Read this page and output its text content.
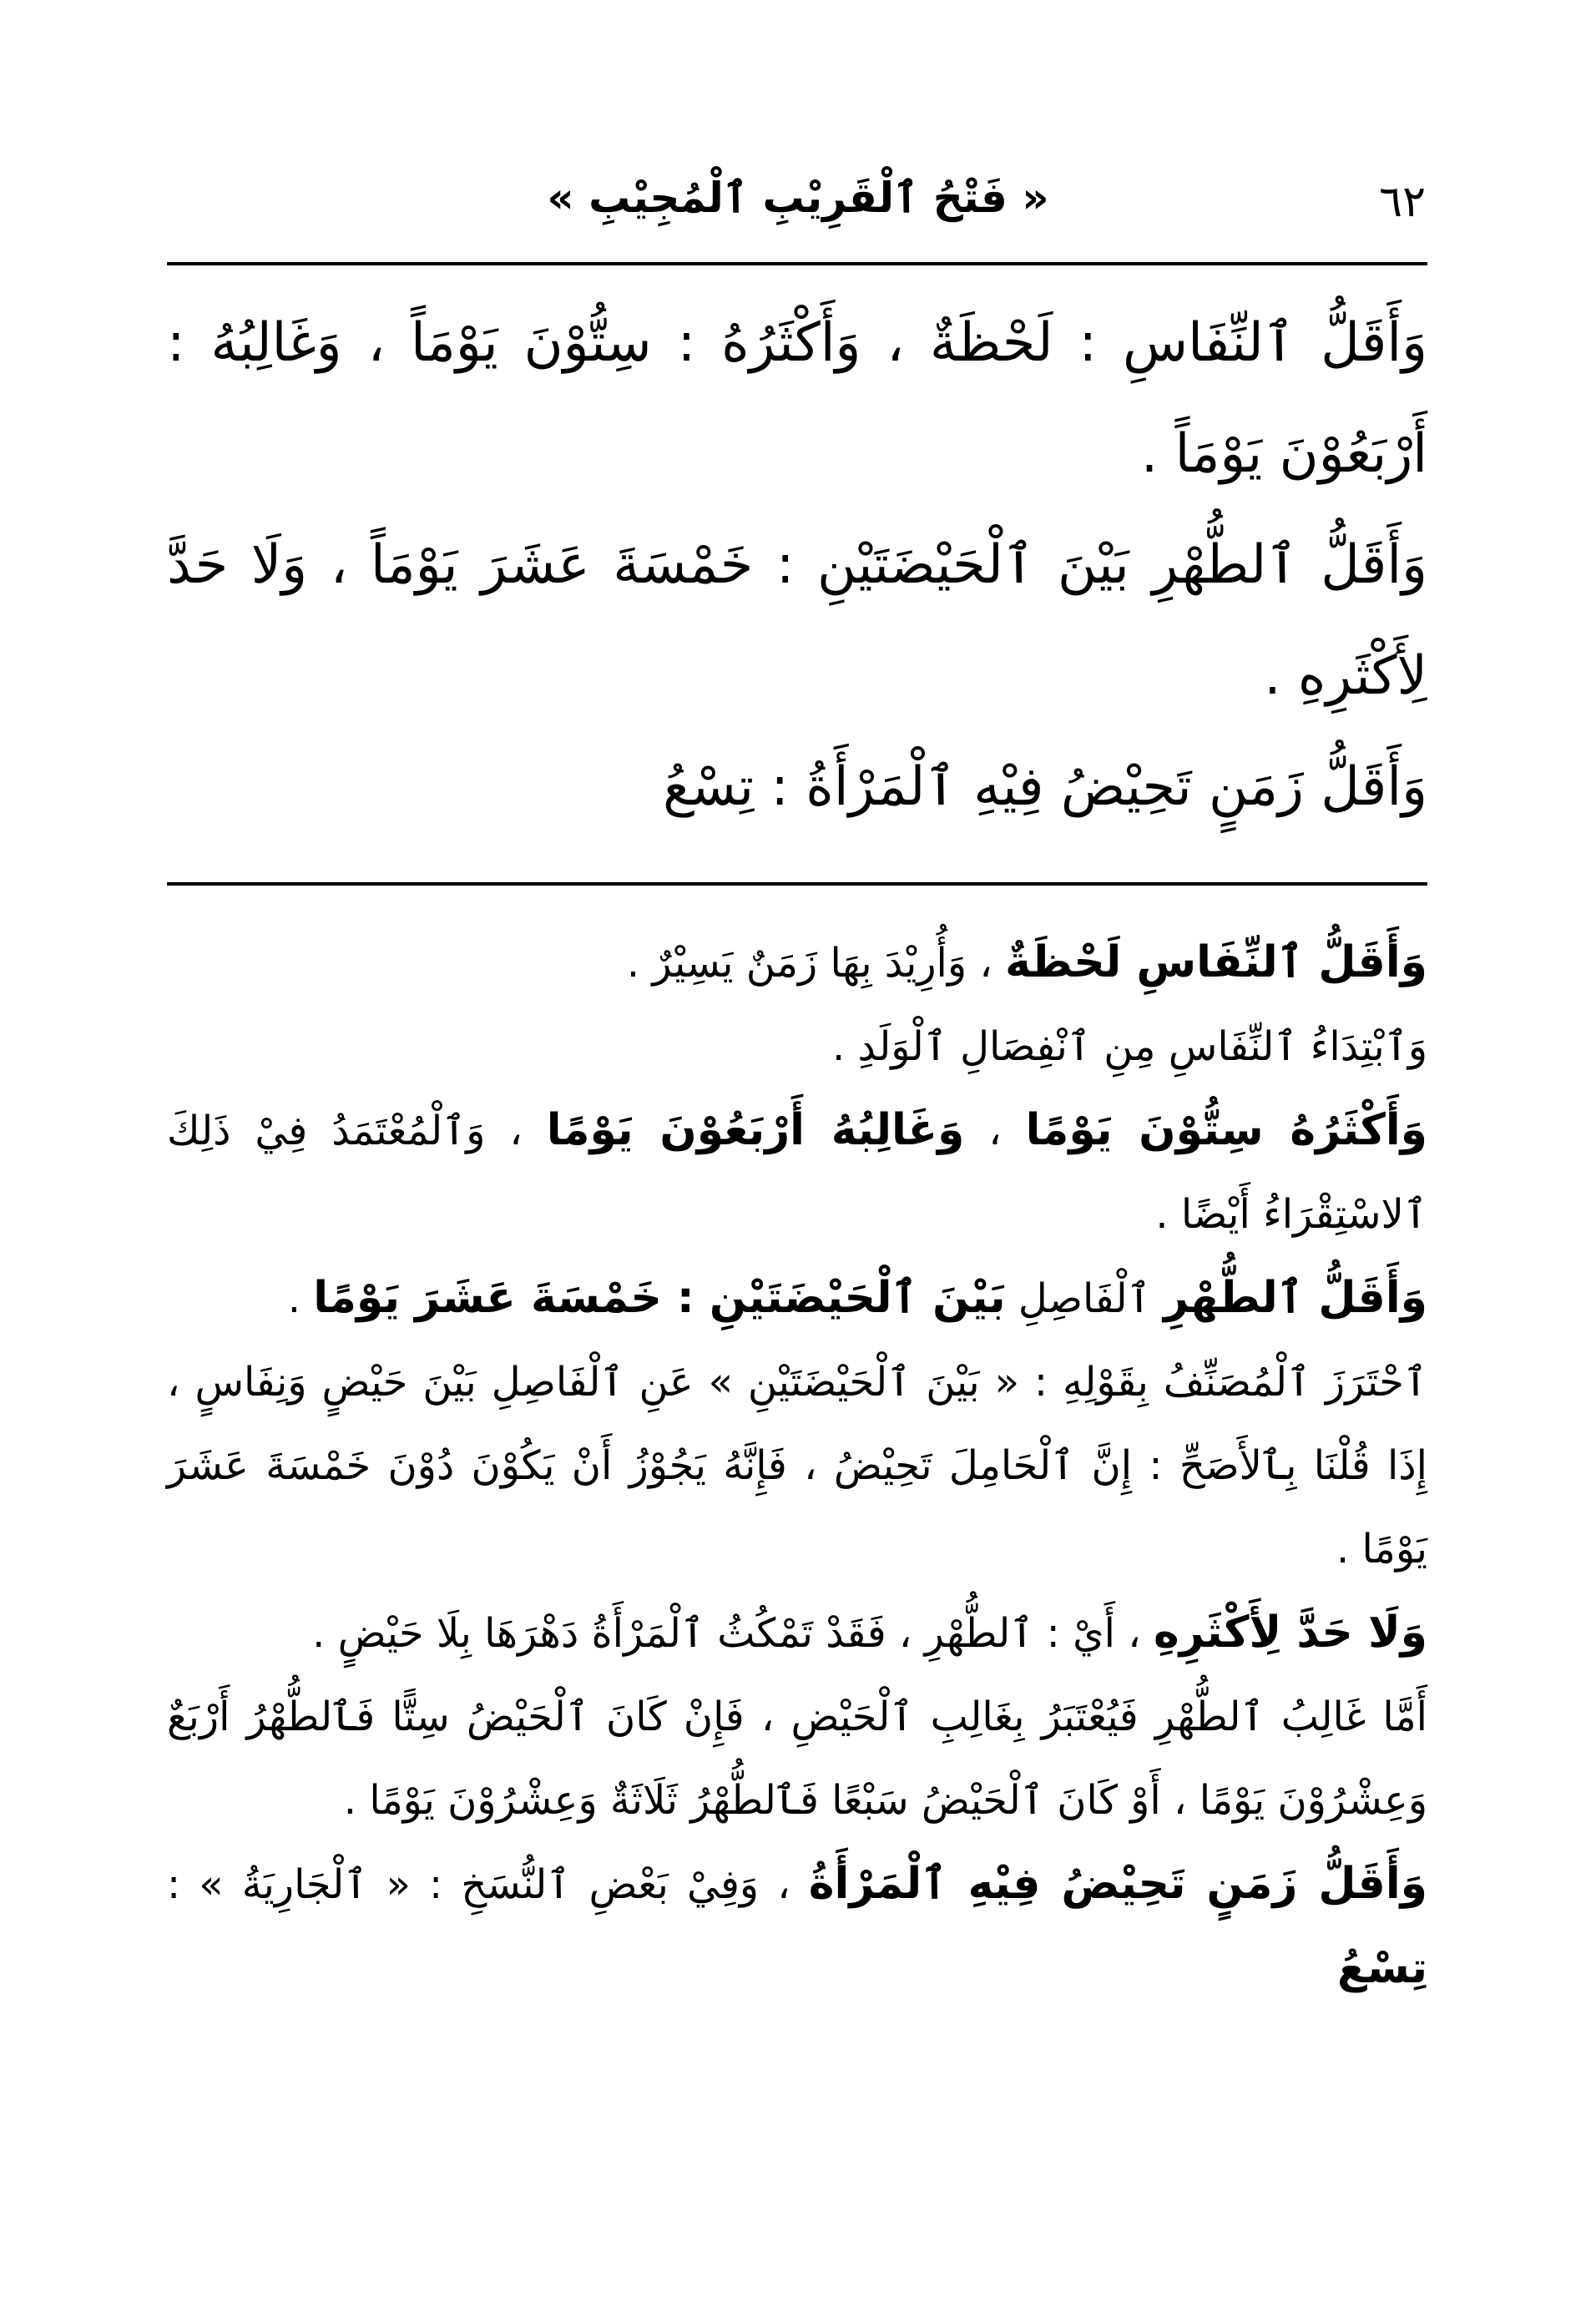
٦٢
« فَتْحُ ٱلْقَرِيْبِ ٱلْمُجِيْبِ »

وَأَقَلُّ ٱلنِّفَاسِ : لَحْظَةٌ ، وَأَكْثَرُهُ : سِتُّوْنَ يَوْمَاً ، وَغَالِبُهُ : أَرْبَعُوْنَ يَوْمَاً .

وَأَقَلُّ ٱلطُّهْرِ بَيْنَ ٱلْحَيْضَتَيْنِ : خَمْسَةَ عَشَرَ يَوْمَاً ، وَلَا حَدَّ لِأَكْثَرِهِ .

وَأَقَلُّ زَمَنٍ تَحِيْضُ فِيْهِ ٱلْمَرْأَةُ : تِسْعُ

وَأَقَلُّ ٱلنِّفَاسِ لَحْظَةٌ ، وَأُرِيْدَ بِهَا زَمَنٌ يَسِيْرٌ .

وَٱبْتِدَاءُ ٱلنِّفَاسِ مِنِ ٱنْفِصَالِ ٱلْوَلَدِ .

وَأَكْثَرُهُ سِتُّوْنَ يَوْمًا ، وَغَالِبُهُ أَرْبَعُوْنَ يَوْمًا ، وَٱلْمُعْتَمَدُ فِيْ ذَلِكَ ٱلاسْتِقْرَاءُ أَيْضًا .

وَأَقَلُّ ٱلطُّهْرِ ٱلْفَاصِلِ بَيْنَ ٱلْحَيْضَتَيْنِ : خَمْسَةَ عَشَرَ يَوْمًا .

ٱحْتَرَزَ ٱلْمُصَنِّفُ بِقَوْلِهِ : « بَيْنَ ٱلْحَيْضَتَيْنِ » عَنِ ٱلْفَاصِلِ بَيْنَ حَيْضٍ وَنِفَاسٍ ، إِذَا قُلْنَا بِٱلأَصَحِّ : إِنَّ ٱلْحَامِلَ تَحِيْضُ ، فَإِنَّهُ يَجُوْزُ أَنْ يَكُوْنَ دُوْنَ خَمْسَةَ عَشَرَ يَوْمًا .

وَلَا حَدَّ لِأَكْثَرِهِ ، أَيْ : ٱلطُّهْرِ ، فَقَدْ تَمْكُثُ ٱلْمَرْأَةُ دَهْرَهَا بِلَا حَيْضٍ .

أَمَّا غَالِبُ ٱلطُّهْرِ فَيُعْتَبَرُ بِغَالِبِ ٱلْحَيْضِ ، فَإِنْ كَانَ ٱلْحَيْضُ سِتًّا فَٱلطُّهْرُ أَرْبَعٌ وَعِشْرُوْنَ يَوْمًا ، أَوْ كَانَ ٱلْحَيْضُ سَبْعًا فَٱلطُّهْرُ ثَلَاثَةٌ وَعِشْرُوْنَ يَوْمًا .

وَأَقَلُّ زَمَنٍ تَحِيْضُ فِيْهِ ٱلْمَرْأَةُ ، وَفِيْ بَعْضِ ٱلنُّسَخِ : « ٱلْجَارِيَةُ » : تِسْعُ
